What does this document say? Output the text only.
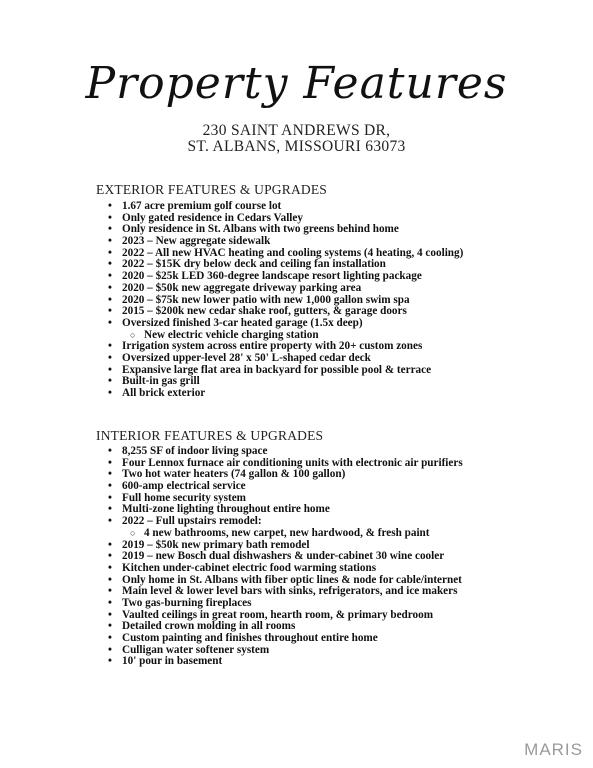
Property Features
230 SAINT ANDREWS DR,
ST. ALBANS, MISSOURI 63073
EXTERIOR FEATURES & UPGRADES
• 1.67 acre premium golf course lot
• Only gated residence in Cedars Valley
• Only residence in St. Albans with two greens behind home
• 2023 – New aggregate sidewalk
• 2022 – All new HVAC heating and cooling systems (4 heating, 4 cooling)
• 2022 – $15K dry below deck and ceiling fan installation
• 2020 – $25k LED 360-degree landscape resort lighting package
• 2020 – $50k new aggregate driveway parking area
• 2020 – $75k new lower patio with new 1,000 gallon swim spa
• 2015 – $200k new cedar shake roof, gutters, & garage doors
• Oversized finished 3-car heated garage (1.5x deep)
○ New electric vehicle charging station
• Irrigation system across entire property with 20+ custom zones
• Oversized upper-level 28' x 50' L-shaped cedar deck
• Expansive large flat area in backyard for possible pool & terrace
• Built-in gas grill
• All brick exterior
INTERIOR FEATURES & UPGRADES
• 8,255 SF of indoor living space
• Four Lennox furnace air conditioning units with electronic air purifiers
• Two hot water heaters (74 gallon & 100 gallon)
• 600-amp electrical service
• Full home security system
• Multi-zone lighting throughout entire home
• 2022 – Full upstairs remodel:
○ 4 new bathrooms, new carpet, new hardwood, & fresh paint
• 2019 – $50k new primary bath remodel
• 2019 – new Bosch dual dishwashers & under-cabinet 30 wine cooler
• Kitchen under-cabinet electric food warming stations
• Only home in St. Albans with fiber optic lines & node for cable/internet
• Main level & lower level bars with sinks, refrigerators, and ice makers
• Two gas-burning fireplaces
• Vaulted ceilings in great room, hearth room, & primary bedroom
• Detailed crown molding in all rooms
• Custom painting and finishes throughout entire home
• Culligan water softener system
• 10' pour in basement
MARIS
